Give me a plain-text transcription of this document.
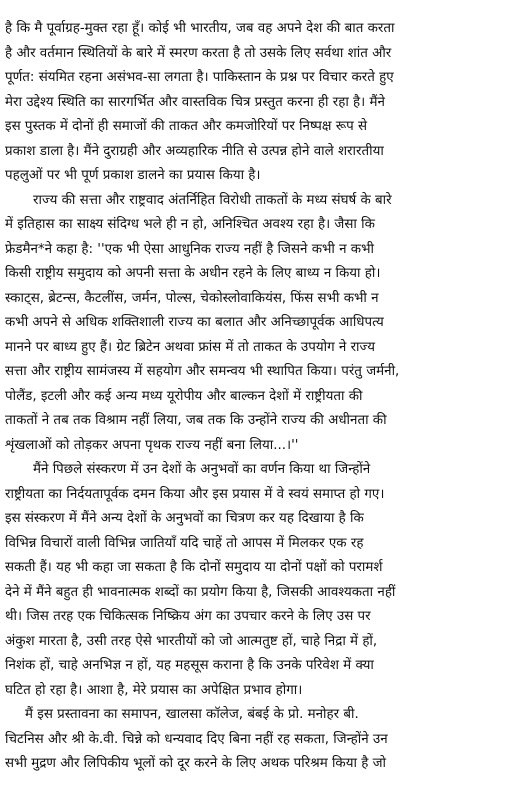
है कि मै पूर्वाग्रह-मुक्त रहा हूँ। कोई भी भारतीय, जब वह अपने देश की बात करता
है और वर्तमान स्थितियों के बारे में स्मरण करता है तो उसके लिए सर्वथा शांत और
पूर्णत: संयमित रहना असंभव-सा लगता है। पाकिस्तान के प्रश्न पर विचार करते हुए
मेरा उद्देश्य स्थिति का सारगर्भित और वास्तविक चित्र प्रस्तुत करना ही रहा है। मैंने
इस पुस्तक में दोनों ही समाजों की ताकत और कमजोरियों पर निष्पक्ष रूप से
प्रकाश डाला है। मैंने दुराग्रही और अव्यहारिक नीति से उत्पन्न होने वाले शरारतीया
पहलुओं पर भी पूर्ण प्रकाश डालने का प्रयास किया है।
राज्य की सत्ता और राष्ट्रवाद अंतर्निहित विरोधी ताकतों के मध्य संघर्ष के बारे
में इतिहास का साक्ष्य संदिग्ध भले ही न हो, अनिश्चित अवश्य रहा है। जैसा कि
फ्रेडमैन*ने कहा है: ''एक भी ऐसा आधुनिक राज्य नहीं है जिसने कभी न कभी
किसी राष्ट्रीय समुदाय को अपनी सत्ता के अधीन रहने के लिए बाध्य न किया हो।
स्काट्स, ब्रेटन्स, कैटलींस, जर्मन, पोल्स, चेकोस्लोवाकियंस, फिंस सभी कभी न
कभी अपने से अधिक शक्तिशाली राज्य का बलात और अनिच्छापूर्वक आधिपत्य
मानने पर बाध्य हुए हैं। ग्रेट ब्रिटेन अथवा फ्रांस में तो ताकत के उपयोग ने राज्य
सत्ता और राष्ट्रीय सामंजस्य में सहयोग और समन्वय भी स्थापित किया। परंतु जर्मनी,
पोलैंड, इटली और कई अन्य मध्य यूरोपीय और बाल्कन देशों में राष्ट्रीयता की
ताकतों ने तब तक विश्राम नहीं लिया, जब तक कि उन्होंने राज्य की अधीनता की
शृंखलाओं को तोड़कर अपना पृथक राज्य नहीं बना लिया...।''
मैंने पिछले संस्करण में उन देशों के अनुभवों का वर्णन किया था जिन्होंने
राष्ट्रीयता का निर्दयतापूर्वक दमन किया और इस प्रयास में वे स्वयं समाप्त हो गए।
इस संस्करण में मैंने अन्य देशों के अनुभवों का चित्रण कर यह दिखाया है कि
विभिन्न विचारों वाली विभिन्न जातियाँ यदि चाहें तो आपस में मिलकर एक रह
सकती हैं। यह भी कहा जा सकता है कि दोनों समुदाय या दोनों पक्षों को परामर्श
देने में मैंने बहुत ही भावनात्मक शब्दों का प्रयोग किया है, जिसकी आवश्यकता नहीं
थी। जिस तरह एक चिकित्सक निष्क्रिय अंग का उपचार करने के लिए उस पर
अंकुश मारता है, उसी तरह ऐसे भारतीयों को जो आत्मतुष्ट हों, चाहे निद्रा में हों,
निशंक हों, चाहे अनभिज्ञ न हों, यह महसूस कराना है कि उनके परिवेश में क्या
घटित हो रहा है। आशा है, मेरे प्रयास का अपेक्षित प्रभाव होगा।
मैं इस प्रस्तावना का समापन, खालसा कॉलेज, बंबई के प्रो. मनोहर बी.
चिटनिस और श्री के.वी. चिन्ने को धन्यवाद दिए बिना नहीं रह सकता, जिन्होंने उन
सभी मुद्रण और लिपिकीय भूलों को दूर करने के लिए अथक परिश्रम किया है जो
